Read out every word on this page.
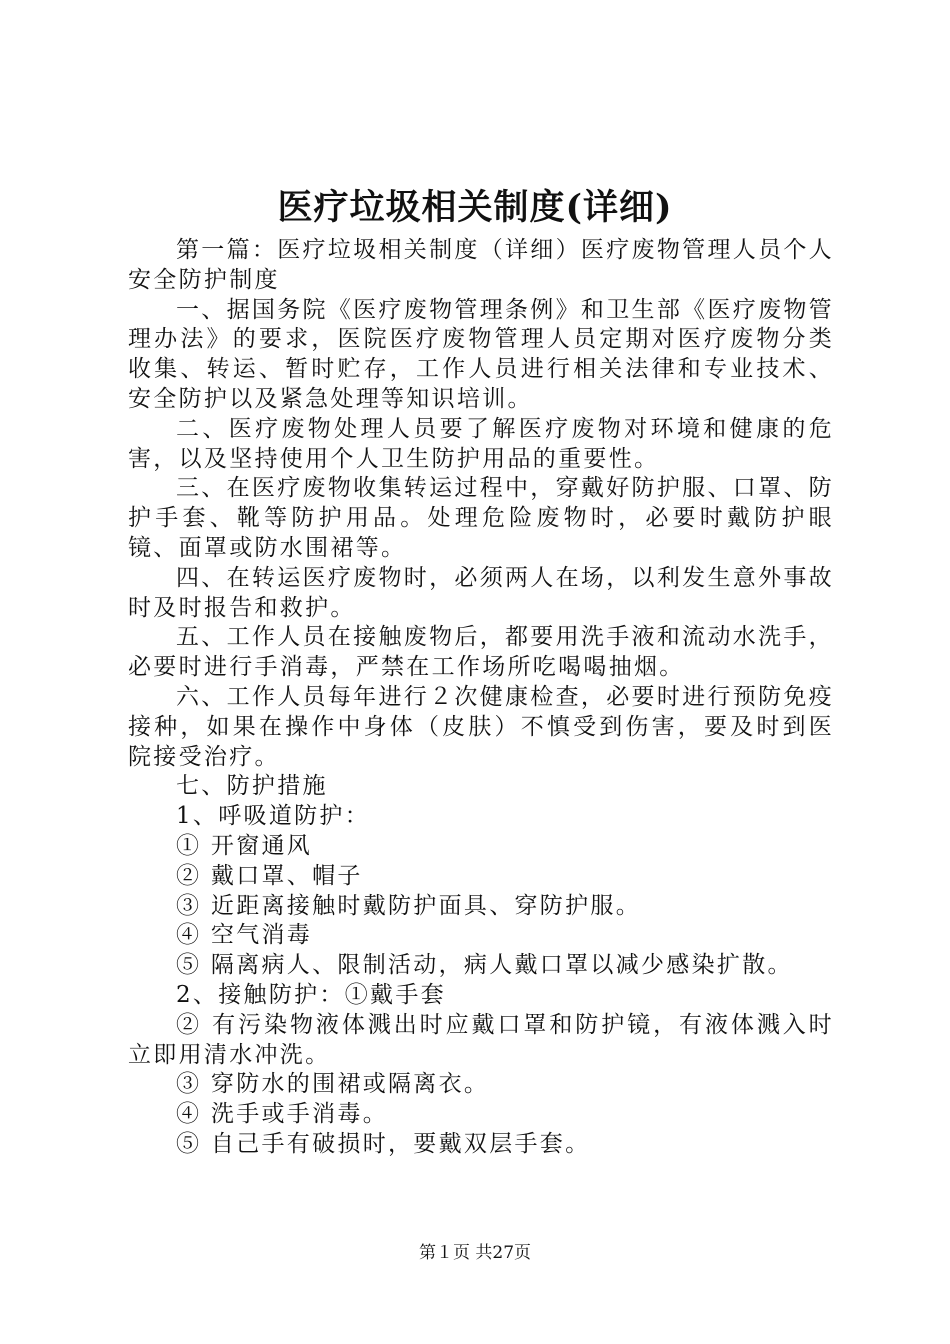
医疗垃圾相关制度(详细)

第一篇：医疗垃圾相关制度（详细）医疗废物管理人员个人安全防护制度

一、据国务院《医疗废物管理条例》和卫生部《医疗废物管理办法》的要求，医院医疗废物管理人员定期对医疗废物分类收集、转运、暂时贮存，工作人员进行相关法律和专业技术、安全防护以及紧急处理等知识培训。

二、医疗废物处理人员要了解医疗废物对环境和健康的危害，以及坚持使用个人卫生防护用品的重要性。

三、在医疗废物收集转运过程中，穿戴好防护服、口罩、防护手套、靴等防护用品。处理危险废物时，必要时戴防护眼镜、面罩或防水围裙等。

四、在转运医疗废物时，必须两人在场，以利发生意外事故时及时报告和救护。

五、工作人员在接触废物后，都要用洗手液和流动水洗手，必要时进行手消毒，严禁在工作场所吃喝喝抽烟。

六、工作人员每年进行２次健康检查，必要时进行预防免疫接种，如果在操作中身体（皮肤）不慎受到伤害，要及时到医院接受治疗。

七、防护措施

1、呼吸道防护：

① 开窗通风

② 戴口罩、帽子

③ 近距离接触时戴防护面具、穿防护服。

④ 空气消毒

⑤ 隔离病人、限制活动，病人戴口罩以减少感染扩散。

2、接触防护：①戴手套

② 有污染物液体溅出时应戴口罩和防护镜，有液体溅入时立即用清水冲洗。

③ 穿防水的围裙或隔离衣。

④ 洗手或手消毒。

⑤ 自己手有破损时，要戴双层手套。

第１页 共27页
